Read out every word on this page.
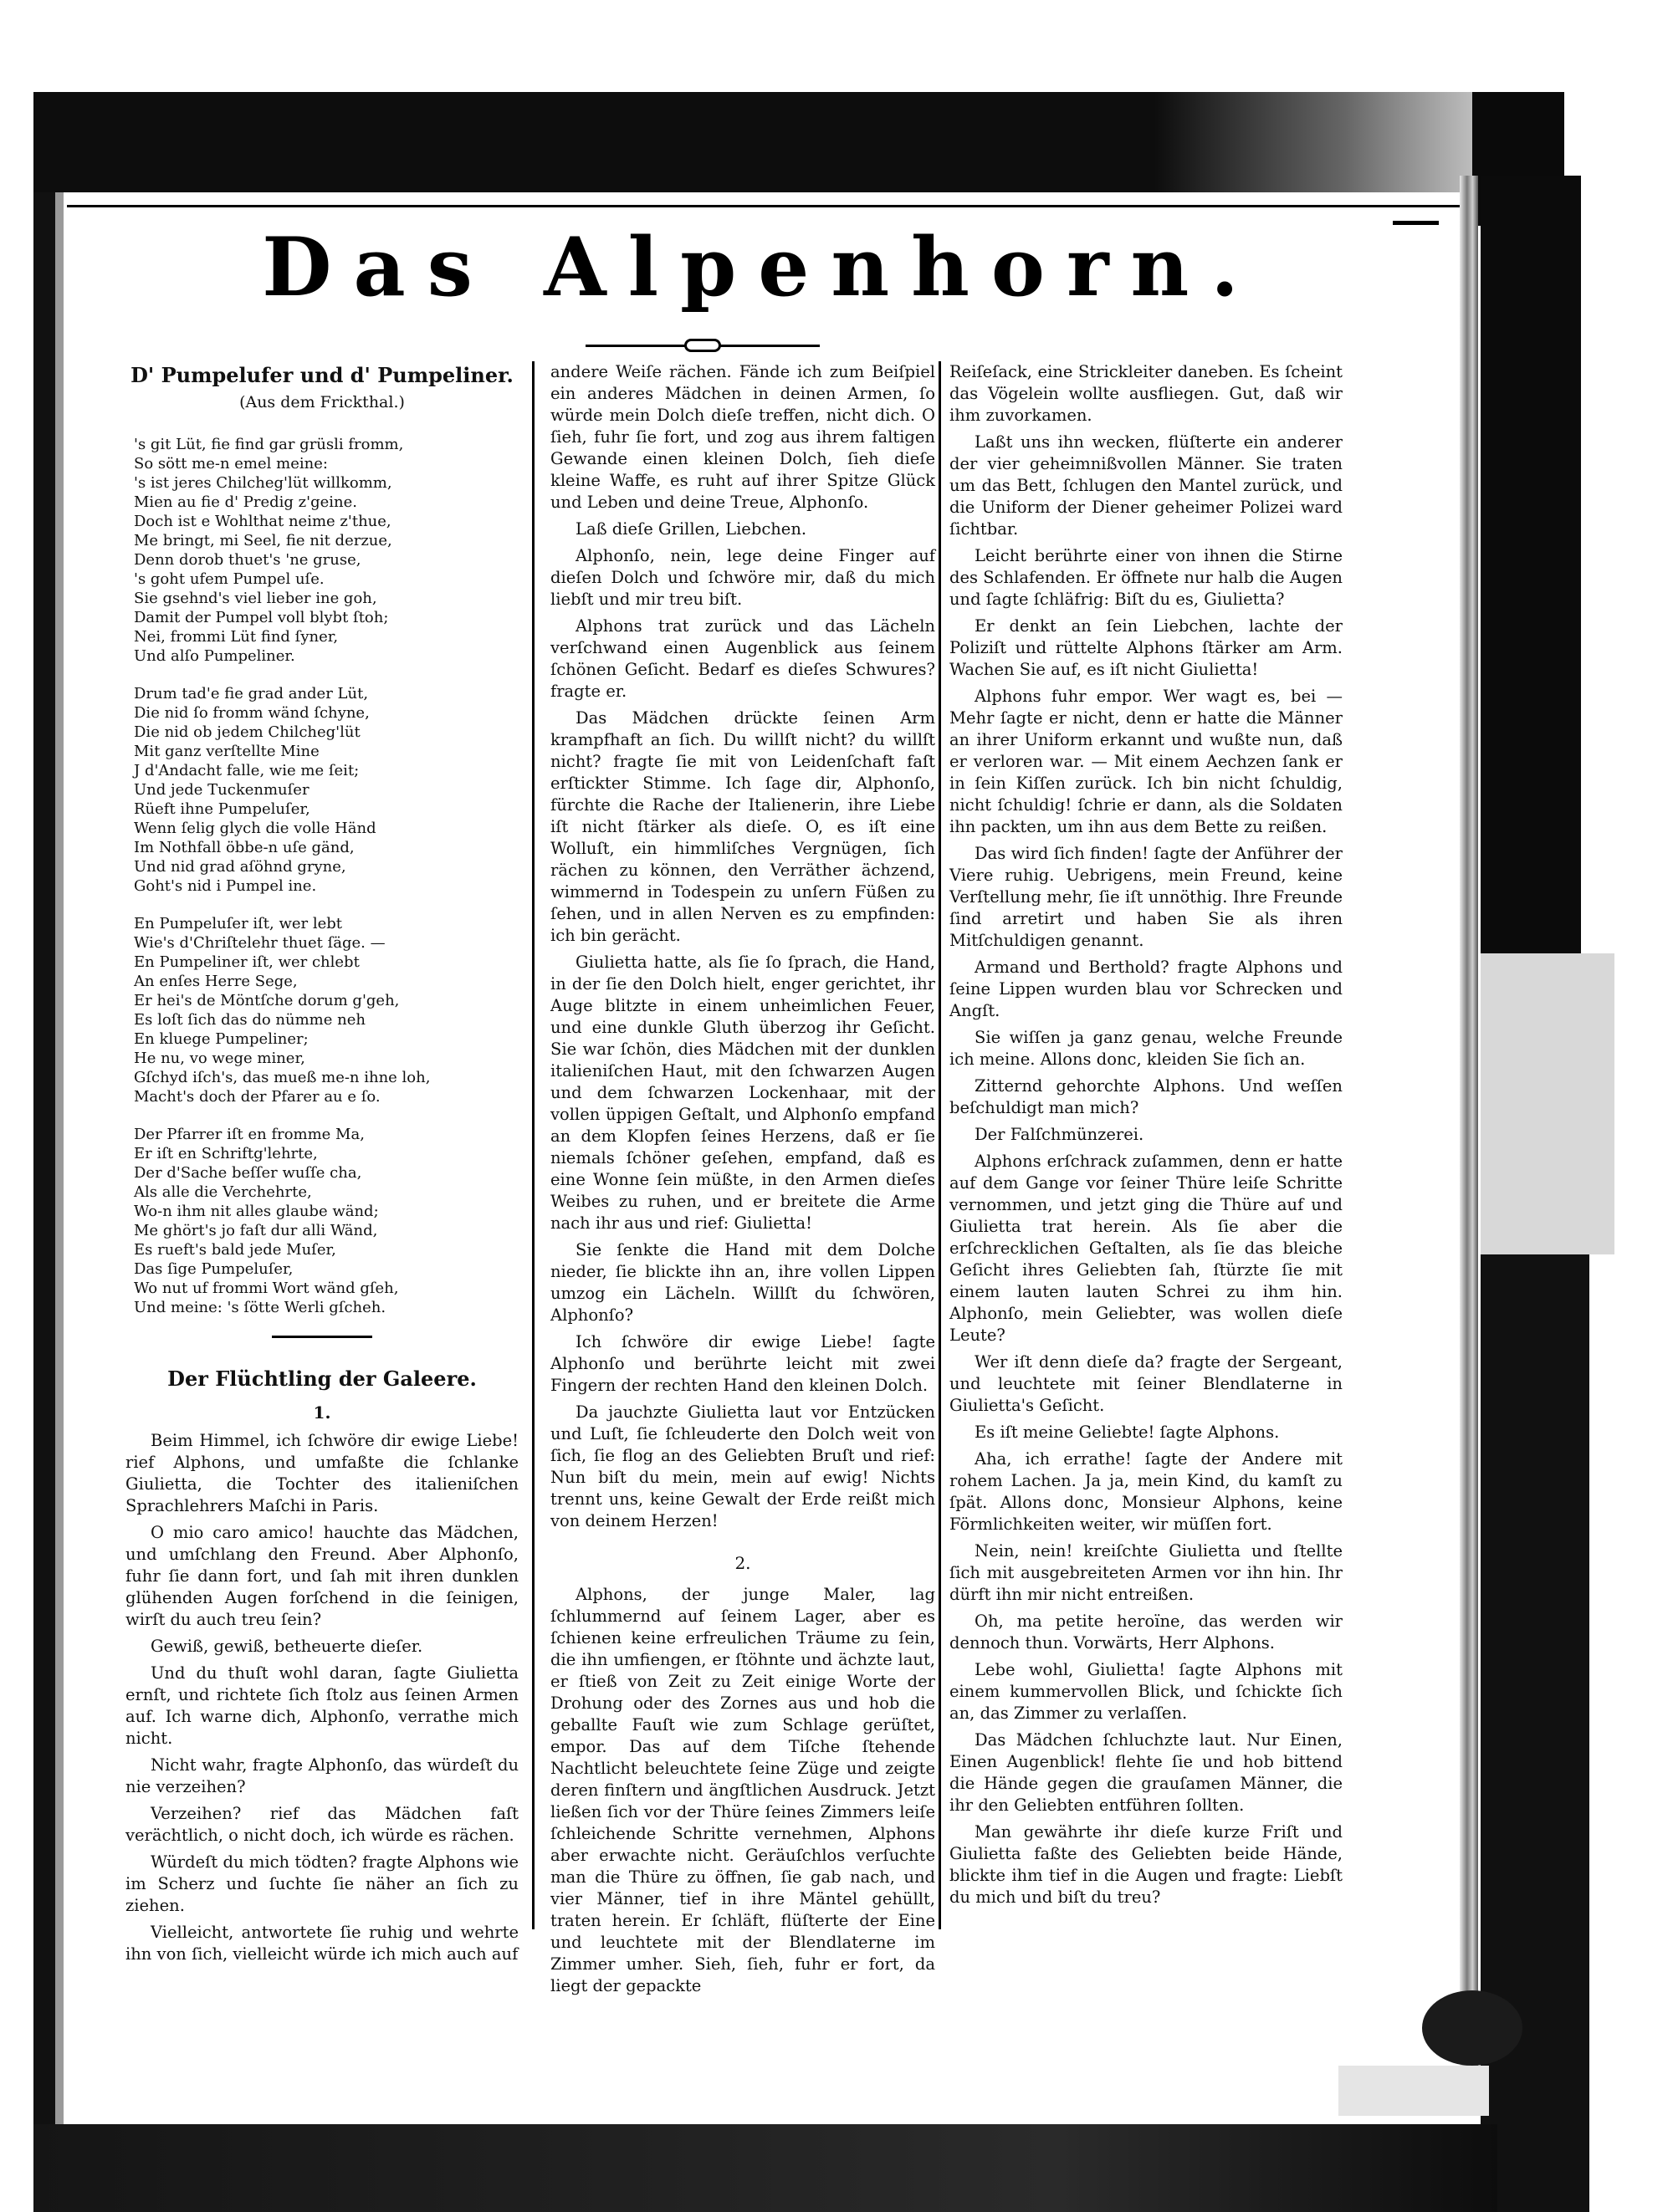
Das Alpenhorn.
D' Pumpelufer und d' Pumpeliner.
(Aus dem Frickthal.)
's git Lüt, fie find gar grüsli fromm,
So sött me-n emel meine:
's ist jeres Chilcheg'lüt willkomm,
Mien au fie d' Predig z'geine.
Doch ist e Wohlthat neime z'thue,
Me bringt, mi Seel, fie nit derzue,
Denn dorob thuet's 'ne gruse,
's goht ufem Pumpel uſe.
Sie gsehnd's viel lieber ine goh,
Damit der Pumpel voll blybt ſtoh;
Nei, frommi Lüt find ſyner,
Und alſo Pumpeliner.
Drum tad'e fie grad ander Lüt,
Die nid ſo fromm wänd ſchyne,
Die nid ob jedem Chilcheg'lüt
Mit ganz verſtellte Mine
J d'Andacht falle, wie me ſeit;
Und jede Tuckenmuſer
Rüeft ihne Pumpeluſer,
Wenn ſelig glych die volle Händ
Im Nothfall öbbe-n uſe gänd,
Und nid grad aſöhnd gryne,
Goht's nid i Pumpel ine.
En Pumpeluſer iſt, wer lebt
Wie's d'Chriſtelehr thuet ſäge. —
En Pumpeliner iſt, wer chlebt
An enſes Herre Sege,
Er hei's de Möntſche dorum g'geh,
Es loſt ſich das do nümme neh
En kluege Pumpeliner;
He nu, vo wege miner,
Gſchyd iſch's, das mueß me-n ihne loh,
Macht's doch der Pfarer au e ſo.
Der Pfarrer iſt en fromme Ma,
Er iſt en Schriftg'lehrte,
Der d'Sache beſſer wuſſe cha,
Als alle die Verchehrte,
Wo-n ihm nit alles glaube wänd;
Me ghört's jo faſt dur alli Wänd,
Es rueft's bald jede Muſer,
Das ſige Pumpeluſer,
Wo nut uf frommi Wort wänd gſeh,
Und meine: 's ſötte Werli gſcheh.
Der Flüchtling der Galeere.
1.

Beim Himmel, ich ſchwöre dir ewige Liebe! rief Alphons, und umfaßte die ſchlanke Giulietta, die Tochter des italieniſchen Sprachlehrers Maſchi in Paris.

O mio caro amico! hauchte das Mädchen, und umſchlang den Freund. Aber Alphonſo, fuhr ſie dann fort, und ſah mit ihren dunklen glühenden Augen forſchend in die ſeinigen, wirſt du auch treu ſein?

Gewiß, gewiß, betheuerte dieſer.

Und du thuſt wohl daran, ſagte Giulietta ernſt, und richtete ſich ſtolz aus ſeinen Armen auf. Ich warne dich, Alphonſo, verrathe mich nicht.

Nicht wahr, fragte Alphonſo, das würdeſt du nie verzeihen?

Verzeihen? rief das Mädchen faſt verächtlich, o nicht doch, ich würde es rächen.

Würdeſt du mich tödten? fragte Alphons wie im Scherz und ſuchte ſie näher an ſich zu ziehen.

Vielleicht, antwortete ſie ruhig und wehrte ihn von ſich, vielleicht würde ich mich auch auf

andere Weiſe rächen. Fände ich zum Beiſpiel ein anderes Mädchen in deinen Armen, ſo würde mein Dolch dieſe treffen, nicht dich. O ſieh, fuhr ſie fort, und zog aus ihrem faltigen Gewande einen kleinen Dolch, ſieh dieſe kleine Waffe, es ruht auf ihrer Spitze Glück und Leben und deine Treue, Alphonſo.

Laß dieſe Grillen, Liebchen.

Alphonſo, nein, lege deine Finger auf dieſen Dolch und ſchwöre mir, daß du mich liebſt und mir treu biſt.

Alphons trat zurück und das Lächeln verſchwand einen Augenblick aus ſeinem ſchönen Geſicht. Bedarf es dieſes Schwures? fragte er.

Das Mädchen drückte ſeinen Arm krampfhaft an ſich. Du willſt nicht? du willſt nicht? fragte ſie mit von Leidenſchaft faſt erſtickter Stimme. Ich ſage dir, Alphonſo, fürchte die Rache der Italienerin, ihre Liebe iſt nicht ſtärker als dieſe. O, es iſt eine Wolluſt, ein himmliſches Vergnügen, ſich rächen zu können, den Verräther ächzend, wimmernd in Todespein zu unſern Füßen zu ſehen, und in allen Nerven es zu empfinden: ich bin gerächt.

Giulietta hatte, als ſie ſo ſprach, die Hand, in der ſie den Dolch hielt, enger gerichtet, ihr Auge blitzte in einem unheimlichen Feuer, und eine dunkle Gluth überzog ihr Geſicht. Sie war ſchön, dies Mädchen mit der dunklen italieniſchen Haut, mit den ſchwarzen Augen und dem ſchwarzen Lockenhaar, mit der vollen üppigen Geſtalt, und Alphonſo empfand an dem Klopfen ſeines Herzens, daß er ſie niemals ſchöner geſehen, empfand, daß es eine Wonne ſein müßte, in den Armen dieſes Weibes zu ruhen, und er breitete die Arme nach ihr aus und rief: Giulietta!

Sie ſenkte die Hand mit dem Dolche nieder, ſie blickte ihn an, ihre vollen Lippen umzog ein Lächeln. Willſt du ſchwören, Alphonſo?

Ich ſchwöre dir ewige Liebe! ſagte Alphonſo und berührte leicht mit zwei Fingern der rechten Hand den kleinen Dolch.

Da jauchzte Giulietta laut vor Entzücken und Luſt, ſie ſchleuderte den Dolch weit von ſich, ſie flog an des Geliebten Bruſt und rief: Nun biſt du mein, mein auf ewig! Nichts trennt uns, keine Gewalt der Erde reißt mich von deinem Herzen!

2.

Alphons, der junge Maler, lag ſchlummernd auf ſeinem Lager, aber es ſchienen keine erfreulichen Träume zu ſein, die ihn umfiengen, er ſtöhnte und ächzte laut, er ſtieß von Zeit zu Zeit einige Worte der Drohung oder des Zornes aus und hob die geballte Fauſt wie zum Schlage gerüſtet, empor. Das auf dem Tiſche ſtehende Nachtlicht beleuchtete ſeine Züge und zeigte deren finſtern und ängſtlichen Ausdruck. Jetzt ließen ſich vor der Thüre ſeines Zimmers leiſe ſchleichende Schritte vernehmen, Alphons aber erwachte nicht. Geräuſchlos verſuchte man die Thüre zu öffnen, ſie gab nach, und vier Männer, tief in ihre Mäntel gehüllt, traten herein. Er ſchläft, flüſterte der Eine und leuchtete mit der Blendlaterne im Zimmer umher. Sieh, ſieh, fuhr er fort, da liegt der gepackte

Reiſeſack, eine Strickleiter daneben. Es ſcheint das Vögelein wollte ausfliegen. Gut, daß wir ihm zuvorkamen.

Laßt uns ihn wecken, flüſterte ein anderer der vier geheimnißvollen Männer. Sie traten um das Bett, ſchlugen den Mantel zurück, und die Uniform der Diener geheimer Polizei ward ſichtbar.

Leicht berührte einer von ihnen die Stirne des Schlafenden. Er öffnete nur halb die Augen und ſagte ſchläfrig: Biſt du es, Giulietta?

Er denkt an ſein Liebchen, lachte der Poliziſt und rüttelte Alphons ſtärker am Arm. Wachen Sie auf, es iſt nicht Giulietta!

Alphons fuhr empor. Wer wagt es, bei — Mehr ſagte er nicht, denn er hatte die Männer an ihrer Uniform erkannt und wußte nun, daß er verloren war. — Mit einem Aechzen ſank er in ſein Kiſſen zurück. Ich bin nicht ſchuldig, nicht ſchuldig! ſchrie er dann, als die Soldaten ihn packten, um ihn aus dem Bette zu reißen.

Das wird ſich finden! ſagte der Anführer der Viere ruhig. Uebrigens, mein Freund, keine Verſtellung mehr, ſie iſt unnöthig. Ihre Freunde ſind arretirt und haben Sie als ihren Mitſchuldigen genannt.

Armand und Berthold? fragte Alphons und ſeine Lippen wurden blau vor Schrecken und Angſt.

Sie wiſſen ja ganz genau, welche Freunde ich meine. Allons donc, kleiden Sie ſich an.

Zitternd gehorchte Alphons. Und weſſen beſchuldigt man mich?

Der Falſchmünzerei.

Alphons erſchrack zuſammen, denn er hatte auf dem Gange vor ſeiner Thüre leiſe Schritte vernommen, und jetzt ging die Thüre auf und Giulietta trat herein. Als ſie aber die erſchrecklichen Geſtalten, als ſie das bleiche Geſicht ihres Geliebten ſah, ſtürzte ſie mit einem lauten lauten Schrei zu ihm hin. Alphonſo, mein Geliebter, was wollen dieſe Leute?

Wer iſt denn dieſe da? fragte der Sergeant, und leuchtete mit ſeiner Blendlaterne in Giulietta's Geſicht.

Es iſt meine Geliebte! ſagte Alphons.

Aha, ich errathe! ſagte der Andere mit rohem Lachen. Ja ja, mein Kind, du kamſt zu ſpät. Allons donc, Monsieur Alphons, keine Förmlichkeiten weiter, wir müſſen fort.

Nein, nein! kreiſchte Giulietta und ſtellte ſich mit ausgebreiteten Armen vor ihn hin. Ihr dürft ihn mir nicht entreißen.

Oh, ma petite heroïne, das werden wir dennoch thun. Vorwärts, Herr Alphons.

Lebe wohl, Giulietta! ſagte Alphons mit einem kummervollen Blick, und ſchickte ſich an, das Zimmer zu verlaſſen.

Das Mädchen ſchluchzte laut. Nur Einen, Einen Augenblick! flehte ſie und hob bittend die Hände gegen die grauſamen Männer, die ihr den Geliebten entführen ſollten.

Man gewährte ihr dieſe kurze Friſt und Giulietta faßte des Geliebten beide Hände, blickte ihm tief in die Augen und fragte: Liebſt du mich und biſt du treu?
